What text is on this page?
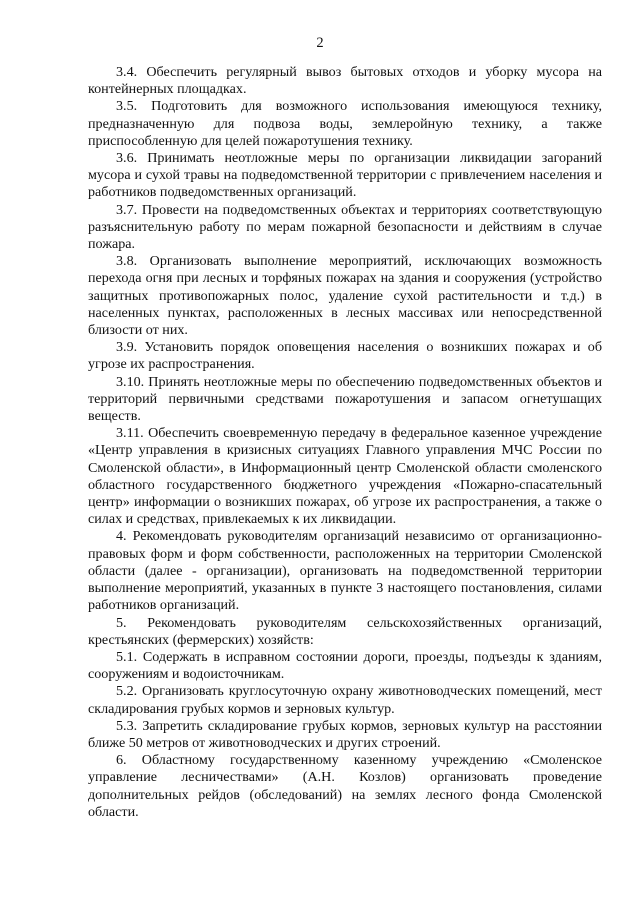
2

3.4. Обеспечить регулярный вывоз бытовых отходов и уборку мусора на контейнерных площадках.

3.5. Подготовить для возможного использования имеющуюся технику, предназначенную для подвоза воды, землеройную технику, а также приспособленную для целей пожаротушения технику.

3.6. Принимать неотложные меры по организации ликвидации загораний мусора и сухой травы на подведомственной территории с привлечением населения и работников подведомственных организаций.

3.7. Провести на подведомственных объектах и территориях соответствующую разъяснительную работу по мерам пожарной безопасности и действиям в случае пожара.

3.8. Организовать выполнение мероприятий, исключающих возможность перехода огня при лесных и торфяных пожарах на здания и сооружения (устройство защитных противопожарных полос, удаление сухой растительности и т.д.) в населенных пунктах, расположенных в лесных массивах или непосредственной близости от них.

3.9. Установить порядок оповещения населения о возникших пожарах и об угрозе их распространения.

3.10. Принять неотложные меры по обеспечению подведомственных объектов и территорий первичными средствами пожаротушения и запасом огнетушащих веществ.

3.11. Обеспечить своевременную передачу в федеральное казенное учреждение «Центр управления в кризисных ситуациях Главного управления МЧС России по Смоленской области», в Информационный центр Смоленской области смоленского областного государственного бюджетного учреждения «Пожарно-спасательный центр» информации о возникших пожарах, об угрозе их распространения, а также о силах и средствах, привлекаемых к их ликвидации.

4. Рекомендовать руководителям организаций независимо от организационно-правовых форм и форм собственности, расположенных на территории Смоленской области (далее - организации), организовать на подведомственной территории выполнение мероприятий, указанных в пункте 3 настоящего постановления, силами работников организаций.

5. Рекомендовать руководителям сельскохозяйственных организаций, крестьянских (фермерских) хозяйств:

5.1. Содержать в исправном состоянии дороги, проезды, подъезды к зданиям, сооружениям и водоисточникам.

5.2. Организовать круглосуточную охрану животноводческих помещений, мест складирования грубых кормов и зерновых культур.

5.3. Запретить складирование грубых кормов, зерновых культур на расстоянии ближе 50 метров от животноводческих и других строений.

6. Областному государственному казенному учреждению «Смоленское управление лесничествами» (А.Н. Козлов) организовать проведение дополнительных рейдов (обследований) на землях лесного фонда Смоленской области.
